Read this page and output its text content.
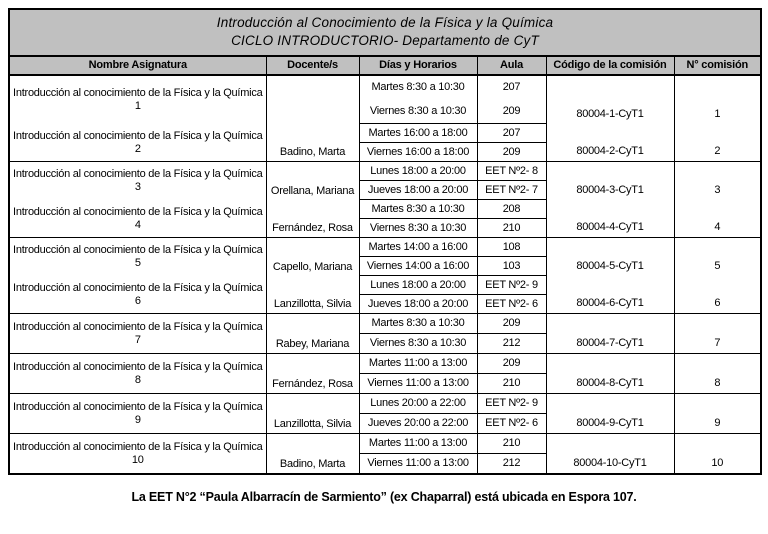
Introducción al Conocimiento de la Física y la Química
CICLO INTRODUCTORIO- Departamento de CyT					

Nombre Asignatura	Docente/s	Días y Horarios	Aula	Código de la comisión	N° comisión
Introducción al conocimiento de la Física y la Química 1		Martes 8:30 a 10:30	207	80004-1-CyT1	1
		Viernes 8:30 a 10:30	209		
Introducción al conocimiento de la Física y la Química 2	Badino, Marta	Martes 16:00 a 18:00	207	80004-2-CyT1	2
		Viernes 16:00 a 18:00	209		
Introducción al conocimiento de la Física y la Química 3	Orellana, Mariana	Lunes 18:00 a 20:00	EET Nº2- 8	80004-3-CyT1	3
		Jueves 18:00 a 20:00	EET Nº2- 7		
Introducción al conocimiento de la Física y la Química 4	Fernández, Rosa	Martes 8:30 a 10:30	208	80004-4-CyT1	4
		Viernes 8:30 a 10:30	210		
Introducción al conocimiento de la Física y la Química 5	Capello, Mariana	Martes 14:00 a 16:00	108	80004-5-CyT1	5
		Viernes 14:00 a 16:00	103		
Introducción al conocimiento de la Física y la Química 6	Lanzillotta, Silvia	Lunes 18:00 a 20:00	EET Nº2- 9	80004-6-CyT1	6
		Jueves 18:00 a 20:00	EET Nº2- 6		
Introducción al conocimiento de la Física y la Química 7	Rabey, Mariana	Martes 8:30 a 10:30	209	80004-7-CyT1	7
		Viernes 8:30 a 10:30	212		
Introducción al conocimiento de la Física y la Química 8	Fernández, Rosa	Martes 11:00 a 13:00	209	80004-8-CyT1	8
		Viernes 11:00 a 13:00	210		
Introducción al conocimiento de la Física y la Química 9	Lanzillotta, Silvia	Lunes 20:00 a 22:00	EET Nº2- 9	80004-9-CyT1	9
		Jueves 20:00 a 22:00	EET Nº2- 6		
Introducción al conocimiento de la Física y la Química 10	Badino, Marta	Martes 11:00 a 13:00	210	80004-10-CyT1	10
		Viernes 11:00 a 13:00	212		
La EET N°2 “Paula Albarracín de Sarmiento” (ex Chaparral) está ubicada en Espora 107.
